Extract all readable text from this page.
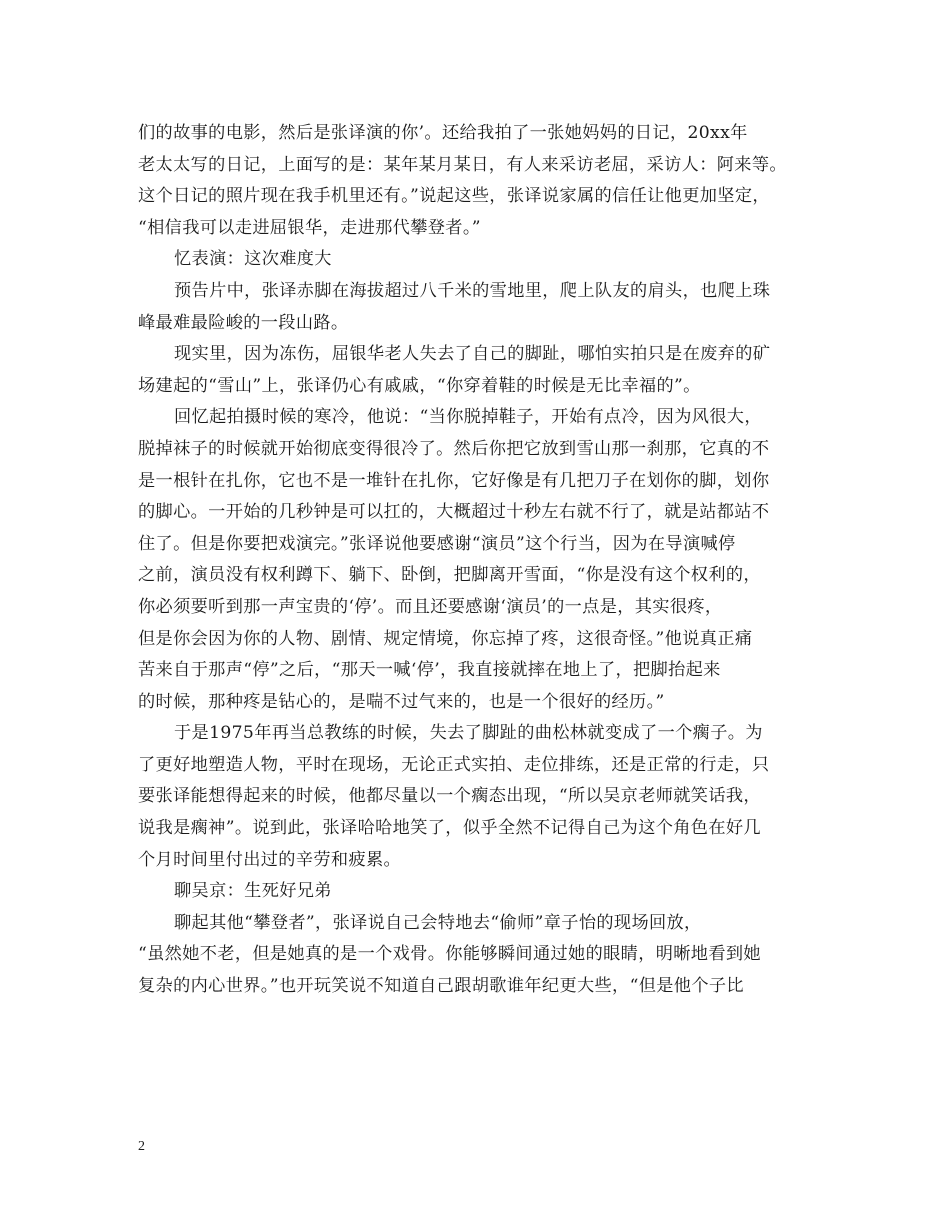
们的故事的电影，然后是张译演的你’。还给我拍了一张她妈妈的日记，20xx年
老太太写的日记，上面写的是：某年某月某日，有人来采访老屈，采访人：阿来等。
这个日记的照片现在我手机里还有。”说起这些，张译说家属的信任让他更加坚定，
“相信我可以走进屈银华，走进那代攀登者。”
忆表演：这次难度大
预告片中，张译赤脚在海拔超过八千米的雪地里，爬上队友的肩头，也爬上珠
峰最难最险峻的一段山路。
现实里，因为冻伤，屈银华老人失去了自己的脚趾，哪怕实拍只是在废弃的矿
场建起的“雪山”上，张译仍心有戚戚，“你穿着鞋的时候是无比幸福的”。
回忆起拍摄时候的寒冷，他说：“当你脱掉鞋子，开始有点冷，因为风很大，
脱掉袜子的时候就开始彻底变得很冷了。然后你把它放到雪山那一刹那，它真的不
是一根针在扎你，它也不是一堆针在扎你，它好像是有几把刀子在划你的脚，划你
的脚心。一开始的几秒钟是可以扛的，大概超过十秒左右就不行了，就是站都站不
住了。但是你要把戏演完。”张译说他要感谢“演员”这个行当，因为在导演喊停
之前，演员没有权利蹲下、躺下、卧倒，把脚离开雪面，“你是没有这个权利的，
你必须要听到那一声宝贵的‘停’。而且还要感谢‘演员’的一点是，其实很疼，
但是你会因为你的人物、剧情、规定情境，你忘掉了疼，这很奇怪。”他说真正痛
苦来自于那声“停”之后，“那天一喊‘停’，我直接就摔在地上了，把脚抬起来
的时候，那种疼是钻心的，是喘不过气来的，也是一个很好的经历。”
于是1975年再当总教练的时候，失去了脚趾的曲松林就变成了一个瘸子。为
了更好地塑造人物，平时在现场，无论正式实拍、走位排练，还是正常的行走，只
要张译能想得起来的时候，他都尽量以一个瘸态出现，“所以吴京老师就笑话我，
说我是瘸神”。说到此，张译哈哈地笑了，似乎全然不记得自己为这个角色在好几
个月时间里付出过的辛劳和疲累。
聊吴京：生死好兄弟
聊起其他“攀登者”，张译说自己会特地去“偷师”章子怡的现场回放，
“虽然她不老，但是她真的是一个戏骨。你能够瞬间通过她的眼睛，明晰地看到她
复杂的内心世界。”也开玩笑说不知道自己跟胡歌谁年纪更大些，“但是他个子比
2
